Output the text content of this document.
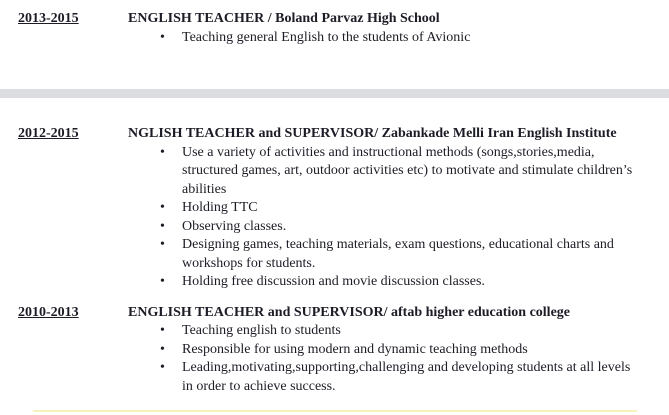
2013-2015	ENGLISH TEACHER / Boland Parvaz High School
•	Teaching general English to the students of Avionic
2012-2015	NGLISH TEACHER and SUPERVISOR/ Zabankade Melli Iran English Institute
•	Use a variety of activities and instructional methods (songs,stories,media, structured games, art, outdoor activities etc) to motivate and stimulate children’s abilities
•	Holding TTC
•	Observing classes.
•	Designing games, teaching materials, exam questions, educational charts and workshops for students.
•	Holding free discussion and movie discussion classes.
2010-2013	ENGLISH TEACHER and SUPERVISOR/ aftab higher education college
•	Teaching english to students
•	Responsible for using modern and dynamic teaching methods
•	Leading,motivating,supporting,challenging and developing students at all levels in order to achieve success.
